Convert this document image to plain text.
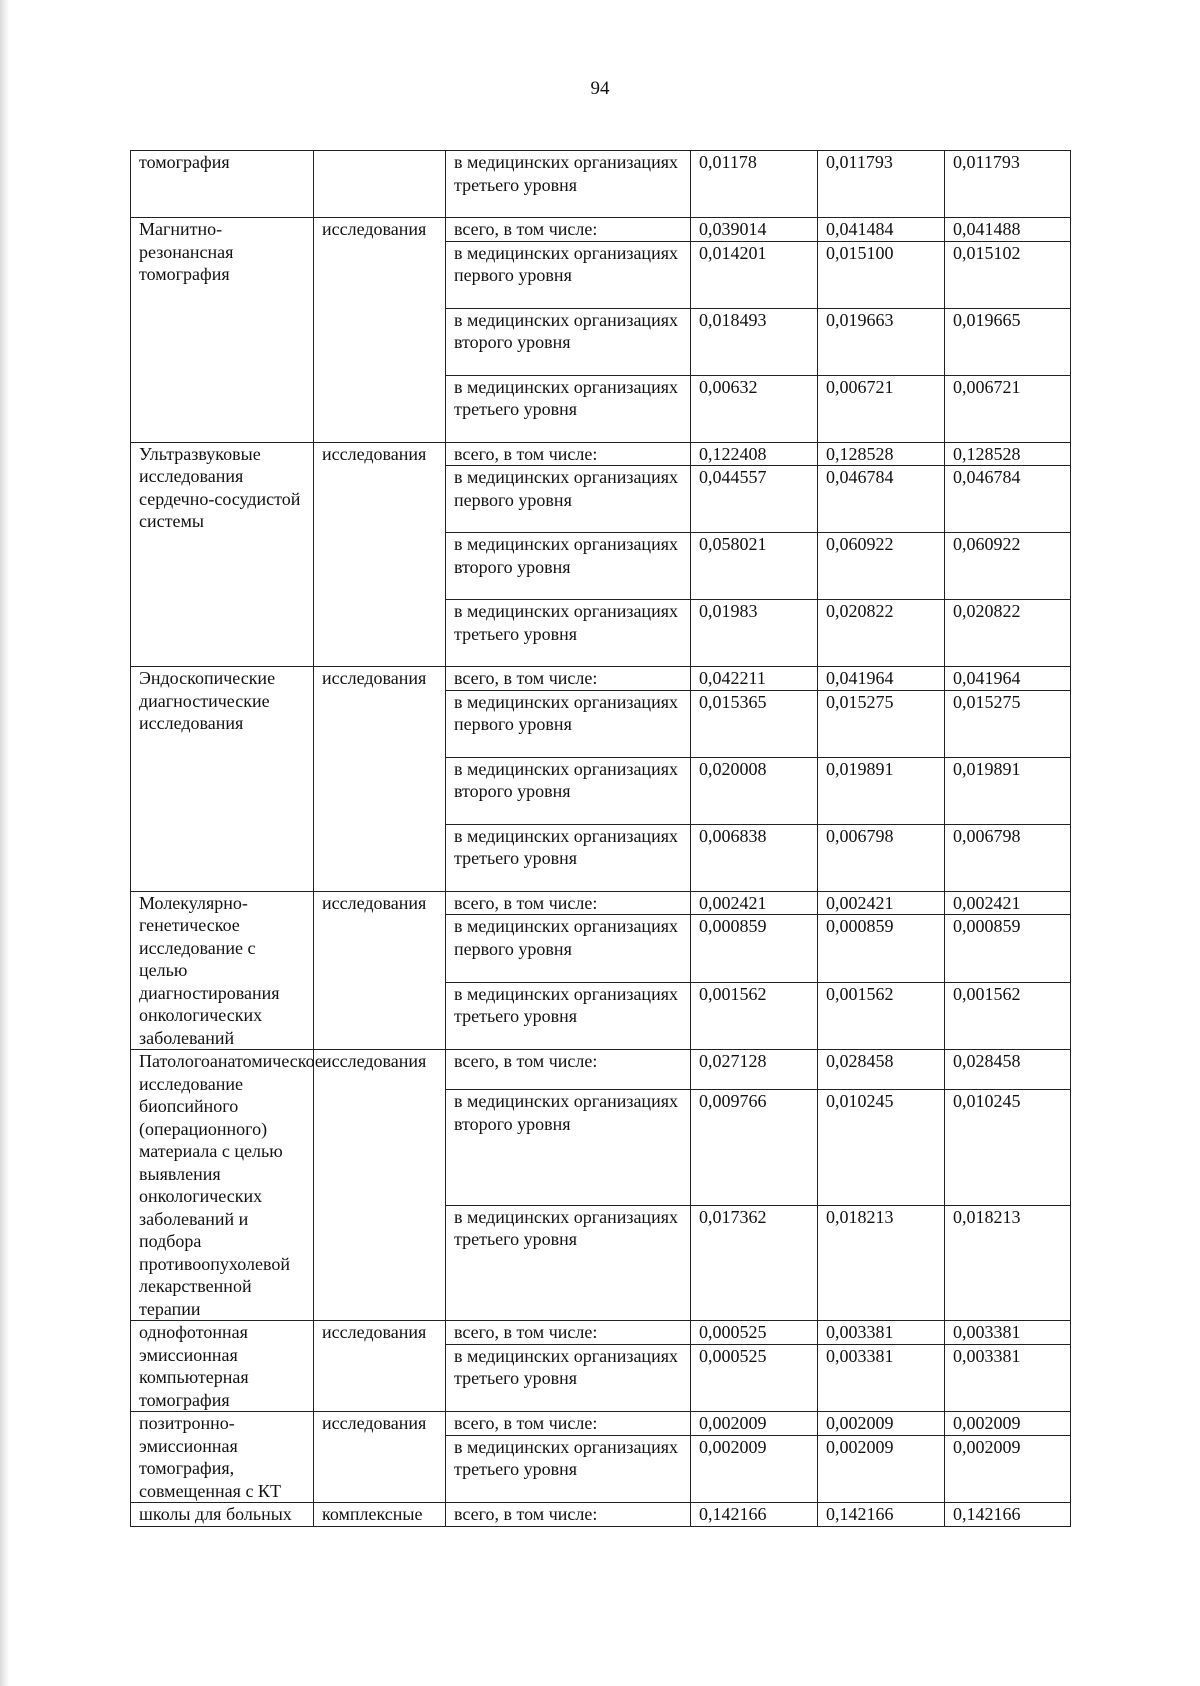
94
томография		в медицинских организациях третьего уровня	0,01178	0,011793	0,011793
Магнитно-резонансная томография	исследования	всего, в том числе:	0,039014	0,041484	0,041488
		в медицинских организациях первого уровня	0,014201	0,015100	0,015102
		в медицинских организациях второго уровня	0,018493	0,019663	0,019665
		в медицинских организациях третьего уровня	0,00632	0,006721	0,006721
Ультразвуковые исследования сердечно-сосудистой системы	исследования	всего, в том числе:	0,122408	0,128528	0,128528
		в медицинских организациях первого уровня	0,044557	0,046784	0,046784
		в медицинских организациях второго уровня	0,058021	0,060922	0,060922
		в медицинских организациях третьего уровня	0,01983	0,020822	0,020822
Эндоскопические диагностические исследования	исследования	всего, в том числе:	0,042211	0,041964	0,041964
		в медицинских организациях первого уровня	0,015365	0,015275	0,015275
		в медицинских организациях второго уровня	0,020008	0,019891	0,019891
		в медицинских организациях третьего уровня	0,006838	0,006798	0,006798
Молекулярно-генетическое исследование с целью диагностирования онкологических заболеваний	исследования	всего, в том числе:	0,002421	0,002421	0,002421
		в медицинских организациях первого уровня	0,000859	0,000859	0,000859
		в медицинских организациях третьего уровня	0,001562	0,001562	0,001562
Патологоанатомическое исследование биопсийного (операционного) материала с целью выявления онкологических заболеваний и подбора противоопухолевой лекарственной терапии	исследования	всего, в том числе:	0,027128	0,028458	0,028458
		в медицинских организациях второго уровня	0,009766	0,010245	0,010245
		в медицинских организациях третьего уровня	0,017362	0,018213	0,018213
однофотонная эмиссионная компьютерная томография	исследования	всего, в том числе:	0,000525	0,003381	0,003381
		в медицинских организациях третьего уровня	0,000525	0,003381	0,003381
позитронно-эмиссионная томография, совмещенная с КТ	исследования	всего, в том числе:	0,002009	0,002009	0,002009
		в медицинских организациях третьего уровня	0,002009	0,002009	0,002009
школы для больных	комплексные	всего, в том числе:	0,142166	0,142166	0,142166
